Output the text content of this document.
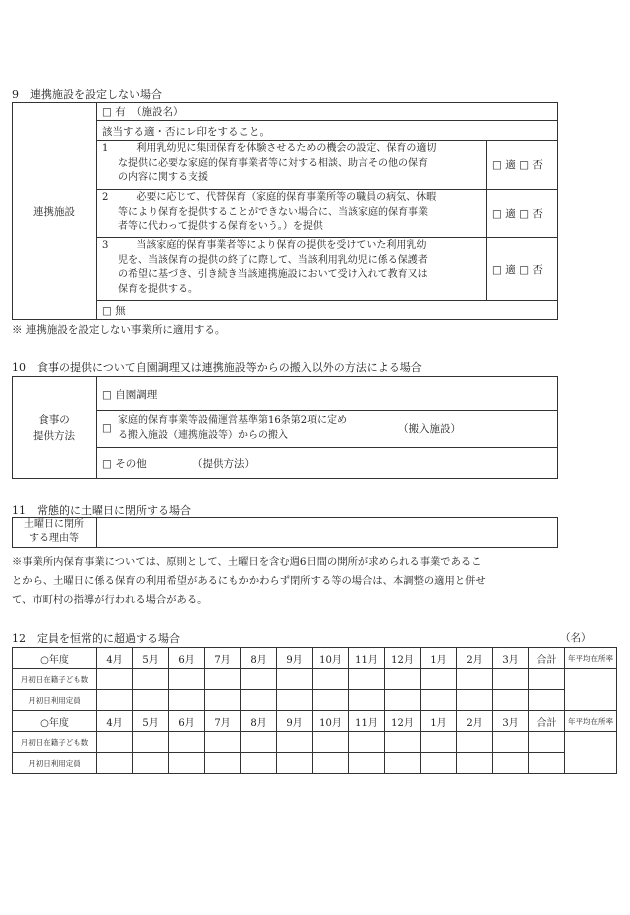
9　連携施設を設定しない場合
連携施設
□ 有　（施設名）
該当する適・否にレ印をすること。
1	利用乳幼児に集団保育を体験させるための機会の設定、保育の適切
な提供に必要な家庭的保育事業者等に対する相談、助言その他の保育
の内容に関する支援
□ 適 □ 否
2	必要に応じて、代替保育（家庭的保育事業所等の職員の病気、休暇
等により保育を提供することができない場合に、当該家庭的保育事業
者等に代わって提供する保育をいう。）を提供
□ 適 □ 否
3	当該家庭的保育事業者等により保育の提供を受けていた利用乳幼
児を、当該保育の提供の終了に際して、当該利用乳幼児に係る保護者
の希望に基づき、引き続き当該連携施設において受け入れて教育又は
保育を提供する。
□ 適 □ 否
□ 無
※ 連携施設を設定しない事業所に適用する。
10　食事の提供について自園調理又は連携施設等からの搬入以外の方法による場合
食事の
提供方法
□ 自園調理
□
家庭的保育事業等設備運営基準第16条第2項に定め
る搬入施設（連携施設等）からの搬入	（搬入施設）
□ その他	（提供方法）
11　常態的に土曜日に閉所する場合
土曜日に閉所
する理由等
※事業所内保育事業については、原則として、土曜日を含む週6日間の開所が求められる事業であるこ
とから、土曜日に係る保育の利用希望があるにもかかわらず閉所する等の場合は、本調整の適用と併せ
て、市町村の指導が行われる場合がある。
12　定員を恒常的に超過する場合	（名）
○年度	4月	5月	6月	7月	8月	9月	10月	11月	12月	1月	2月	3月	合計	年平均在所率
月初日在籍子ども数														
月初日利用定員														
○年度	4月	5月	6月	7月	8月	9月	10月	11月	12月	1月	2月	3月	合計	年平均在所率
月初日在籍子ども数														
月初日利用定員														
